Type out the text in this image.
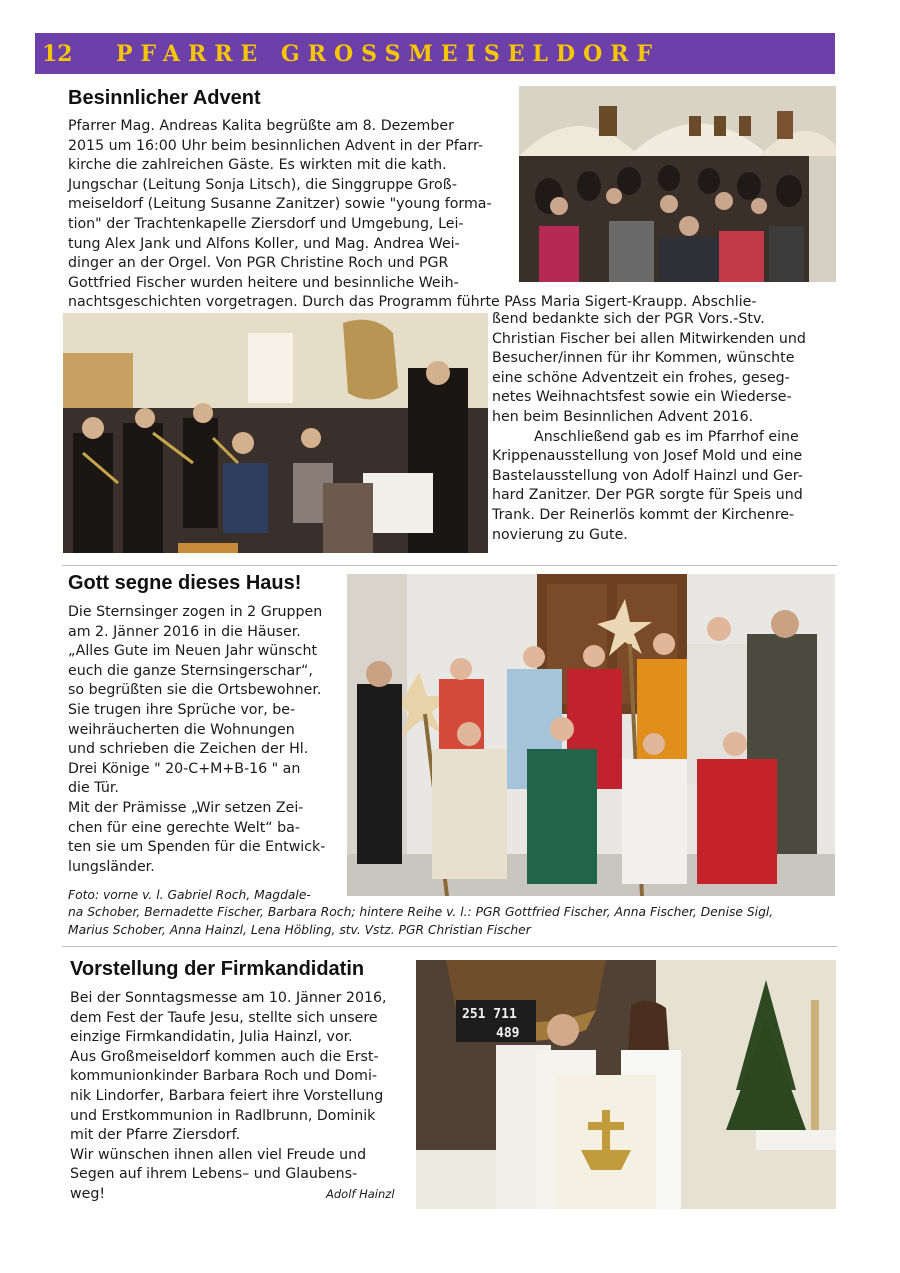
12	PFARRE GROSSMEISELDORF
Besinnlicher Advent

Pfarrer Mag. Andreas Kalita begrüßte am 8. Dezember

2015 um 16:00 Uhr beim besinnlichen Advent in der Pfarr-

kirche die zahlreichen Gäste. Es wirkten mit die kath.

Jungschar (Leitung Sonja Litsch), die Singgruppe Groß-

meiseldorf (Leitung Susanne Zanitzer) sowie "young forma-

tion" der Trachtenkapelle Ziersdorf und Umgebung, Lei-

tung Alex Jank und Alfons Koller, und Mag. Andrea Wei-

dinger an der Orgel. Von PGR Christine Roch und PGR

Gottfried Fischer wurden heitere und besinnliche Weih-

nachtsgeschichten vorgetragen. Durch das Programm führte PAss Maria Sigert-Kraupp. Abschlie-

ßend bedankte sich der PGR Vors.-Stv.

Christian Fischer bei allen Mitwirkenden und

Besucher/innen für ihr Kommen, wünschte

eine schöne Adventzeit ein frohes, geseg-

netes Weihnachtsfest sowie ein Wiederse-

hen beim Besinnlichen Advent 2016.

Anschließend gab es im Pfarrhof eine

Krippenausstellung von Josef Mold und eine

Bastelausstellung von Adolf Hainzl und Ger-

hard Zanitzer. Der PGR sorgte für Speis und

Trank. Der Reinerlös kommt der Kirchenre-

novierung zu Gute.

Gott segne dieses Haus!

Die Sternsinger zogen in 2 Gruppen

am 2. Jänner 2016 in die Häuser.

„Alles Gute im Neuen Jahr wünscht

euch die ganze Sternsingerschar“,

so begrüßten sie die Ortsbewohner.

Sie trugen ihre Sprüche vor, be-

weihräucherten die Wohnungen

und schrieben die Zeichen der Hl.

Drei Könige " 20-C+M+B-16 " an

die Tür.

Mit der Prämisse „Wir setzen Zei-

chen für eine gerechte Welt“ ba-

ten sie um Spenden für die Entwick-

lungsländer.

Foto: vorne v. l. Gabriel Roch, Magdale-
na Schober, Bernadette Fischer, Barbara Roch; hintere Reihe v. l.: PGR Gottfried Fischer, Anna Fischer, Denise Sigl,
Marius Schober, Anna Hainzl, Lena Höbling, stv. Vstz. PGR Christian Fischer
Vorstellung der Firmkandidatin

Bei der Sonntagsmesse am 10. Jänner 2016,

dem Fest der Taufe Jesu, stellte sich unsere

einzige Firmkandidatin, Julia Hainzl, vor.

Aus Großmeiseldorf kommen auch die Erst-

kommunionkinder Barbara Roch und Domi-

nik Lindorfer, Barbara feiert ihre Vorstellung

und Erstkommunion in Radlbrunn, Dominik

mit der Pfarre Ziersdorf.

Wir wünschen ihnen allen viel Freude und

Segen auf ihrem Lebens– und Glaubens-

weg!	Adolf Hainzl
251 711
489
